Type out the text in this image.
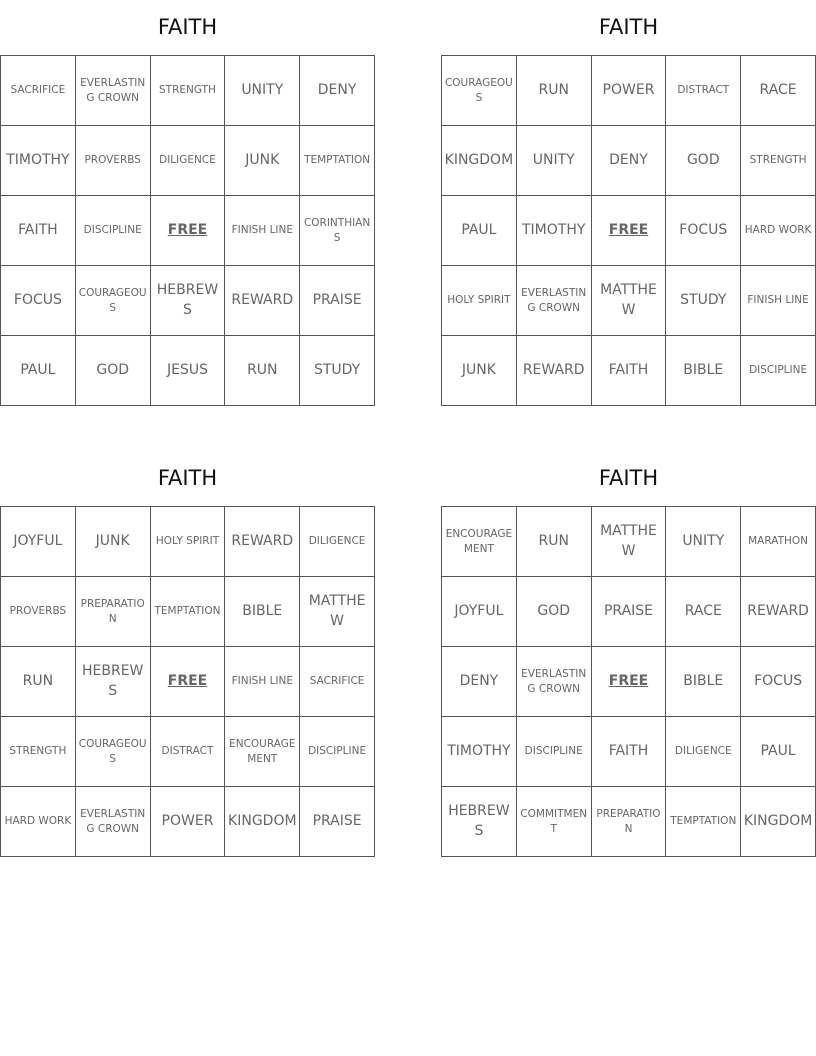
FAITH
SACRIFICE	EVERLASTING CROWN	STRENGTH	UNITY	DENY
TIMOTHY	PROVERBS	DILIGENCE	JUNK	TEMPTATION
FAITH	DISCIPLINE	FREE	FINISH LINE	CORINTHIANS
FOCUS	COURAGEOUS	HEBREWS	REWARD	PRAISE
PAUL	GOD	JESUS	RUN	STUDY
FAITH
COURAGEOUS	RUN	POWER	DISTRACT	RACE
KINGDOM	UNITY	DENY	GOD	STRENGTH
PAUL	TIMOTHY	FREE	FOCUS	HARD WORK
HOLY SPIRIT	EVERLASTING CROWN	MATTHEW	STUDY	FINISH LINE
JUNK	REWARD	FAITH	BIBLE	DISCIPLINE
FAITH
JOYFUL	JUNK	HOLY SPIRIT	REWARD	DILIGENCE
PROVERBS	PREPARATION	TEMPTATION	BIBLE	MATTHEW
RUN	HEBREWS	FREE	FINISH LINE	SACRIFICE
STRENGTH	COURAGEOUS	DISTRACT	ENCOURAGEMENT	DISCIPLINE
HARD WORK	EVERLASTING CROWN	POWER	KINGDOM	PRAISE
FAITH
ENCOURAGEMENT	RUN	MATTHEW	UNITY	MARATHON
JOYFUL	GOD	PRAISE	RACE	REWARD
DENY	EVERLASTING CROWN	FREE	BIBLE	FOCUS
TIMOTHY	DISCIPLINE	FAITH	DILIGENCE	PAUL
HEBREWS	COMMITMENT	PREPARATION	TEMPTATION	KINGDOM
